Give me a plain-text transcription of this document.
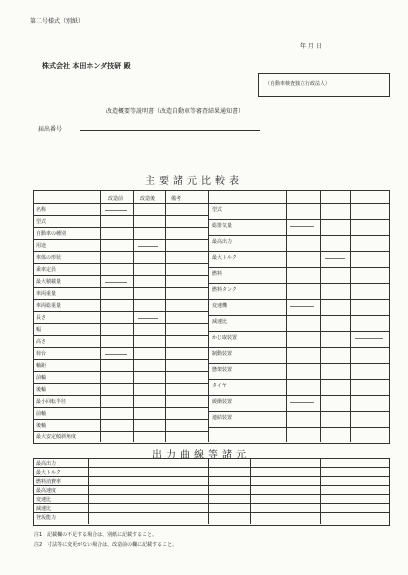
第二号様式（別紙）
年 月 日
株式会社 本田ホンダ技研 殿
（自動車検査独立行政法人）
改造概要等説明書（改造自動車等審査結果通知書）
届出番号
主要諸元比較表
改造前	改造後	備考
名称
型式
自動車の種別
用途
車体の形状
乗車定員
最大積載量
車両重量
車両総重量
長さ
幅
高さ
荷台
軸距
前輪
後輪
最小回転半径
前軸
後軸
最大安定傾斜角度
型式
総排気量
最高出力
最大トルク
燃料
燃料タンク
変速機
減速比
かじ取装置
制動装置
懸架装置
タイヤ
緩衝装置
連結装置
出力曲線等諸元
最高出力
最大トルク
燃料消費率
最高速度
変速比
減速比
登坂能力
注1　記載欄の不足する場合は、別紙に記載すること。
注2　寸法等に変更がない場合は、改造前の欄に記載すること。
